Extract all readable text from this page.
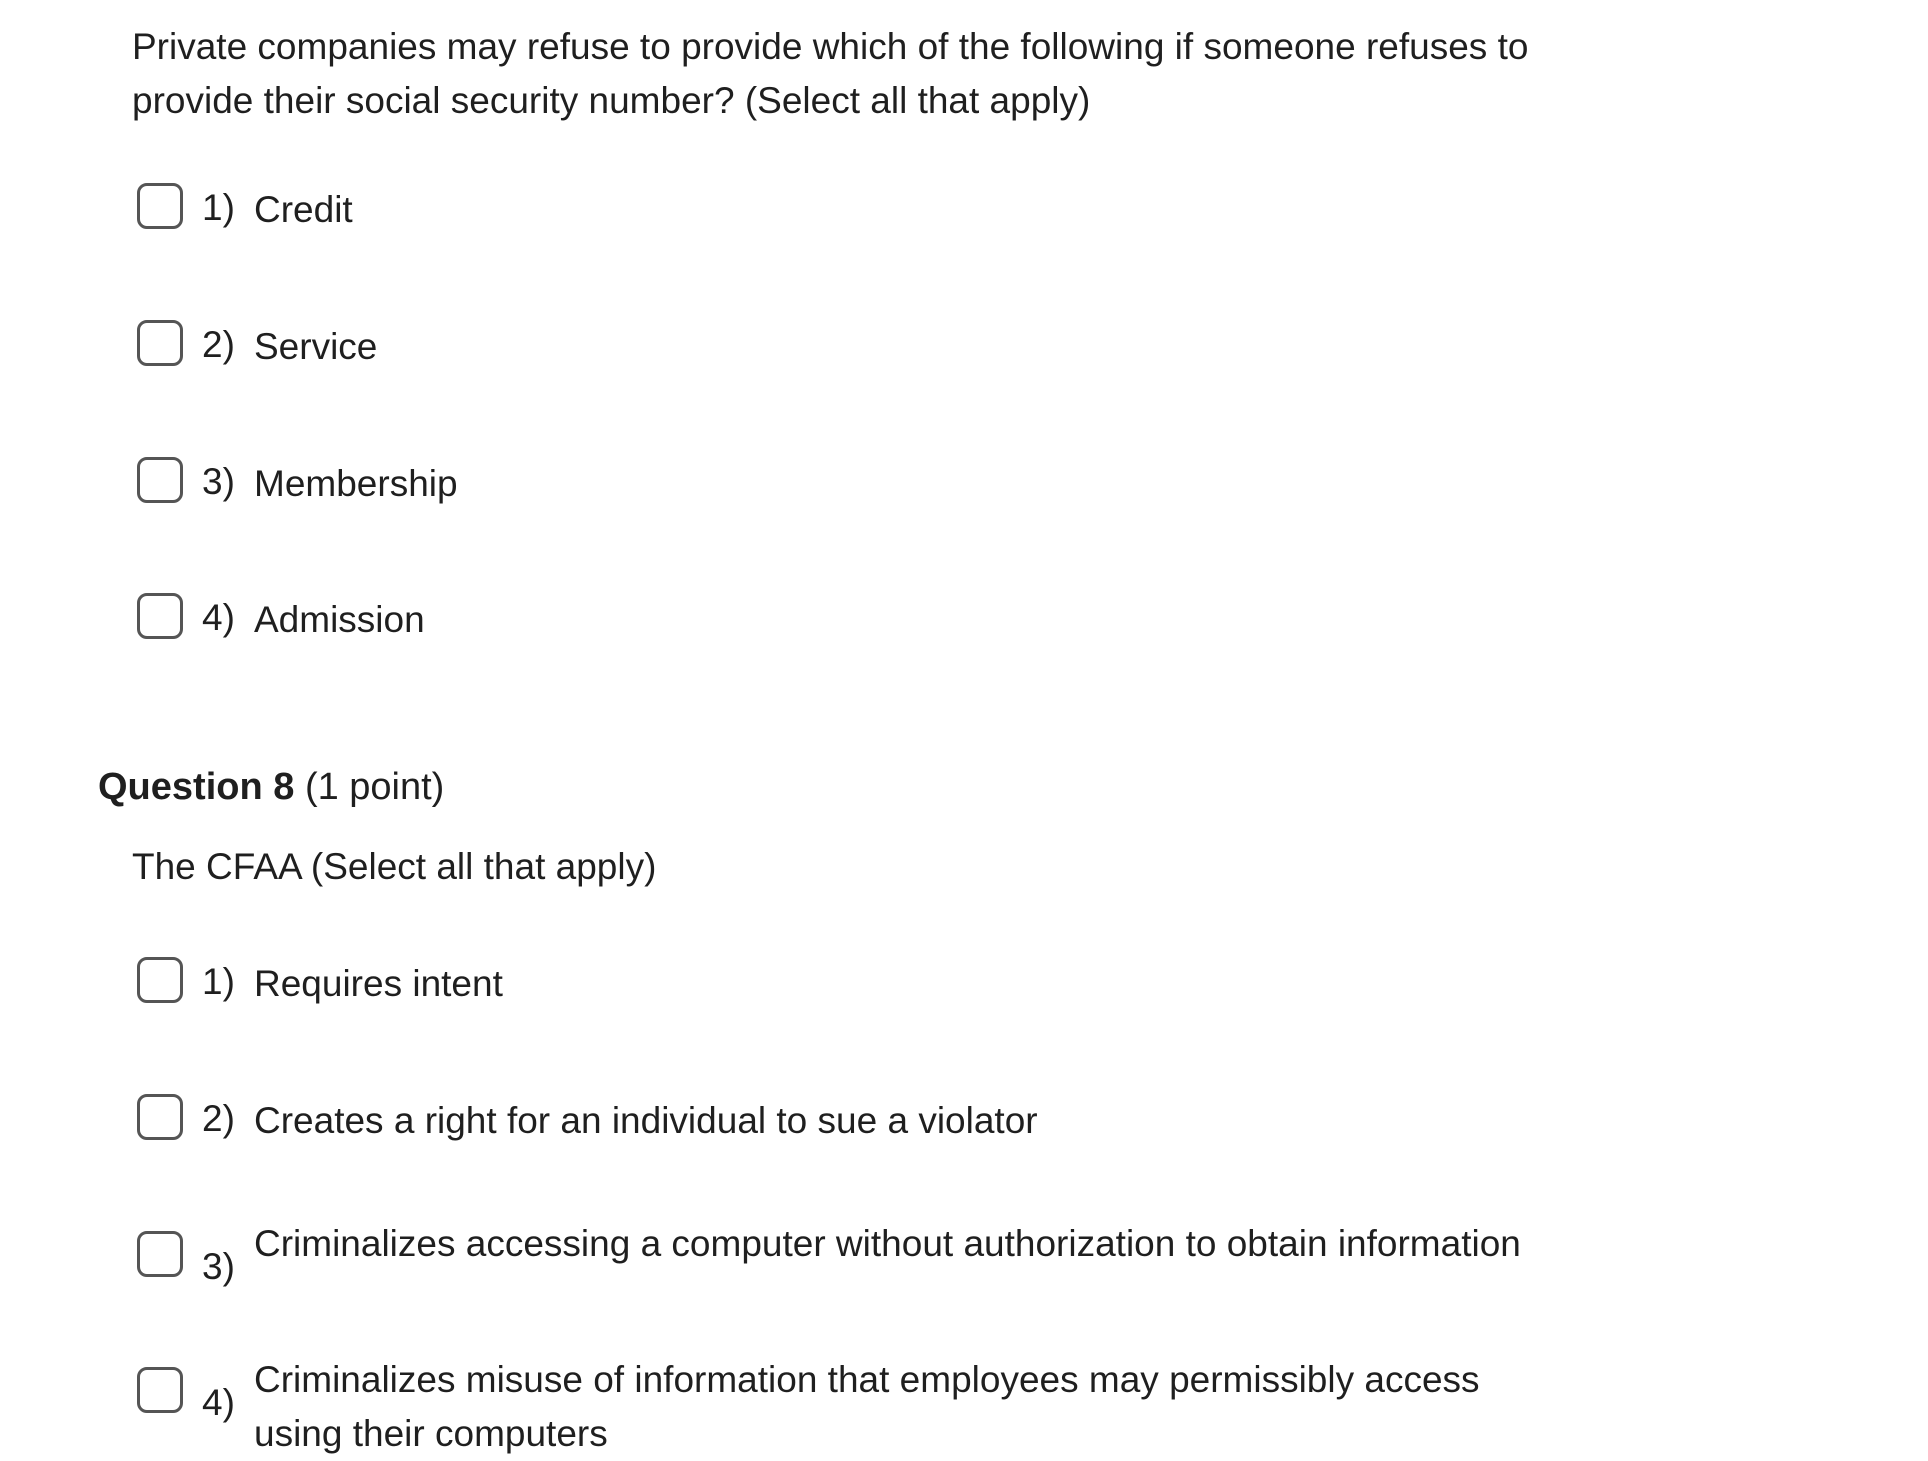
Private companies may refuse to provide which of the following if someone refuses to provide their social security number? (Select all that apply)

1) Credit
2) Service
3) Membership
4) Admission
Question 8 (1 point)

The CFAA (Select all that apply)

1) Requires intent
2) Creates a right for an individual to sue a violator
3)
Criminalizes accessing a computer without authorization to obtain information
4)
Criminalizes misuse of information that employees may permissibly access using their computers
